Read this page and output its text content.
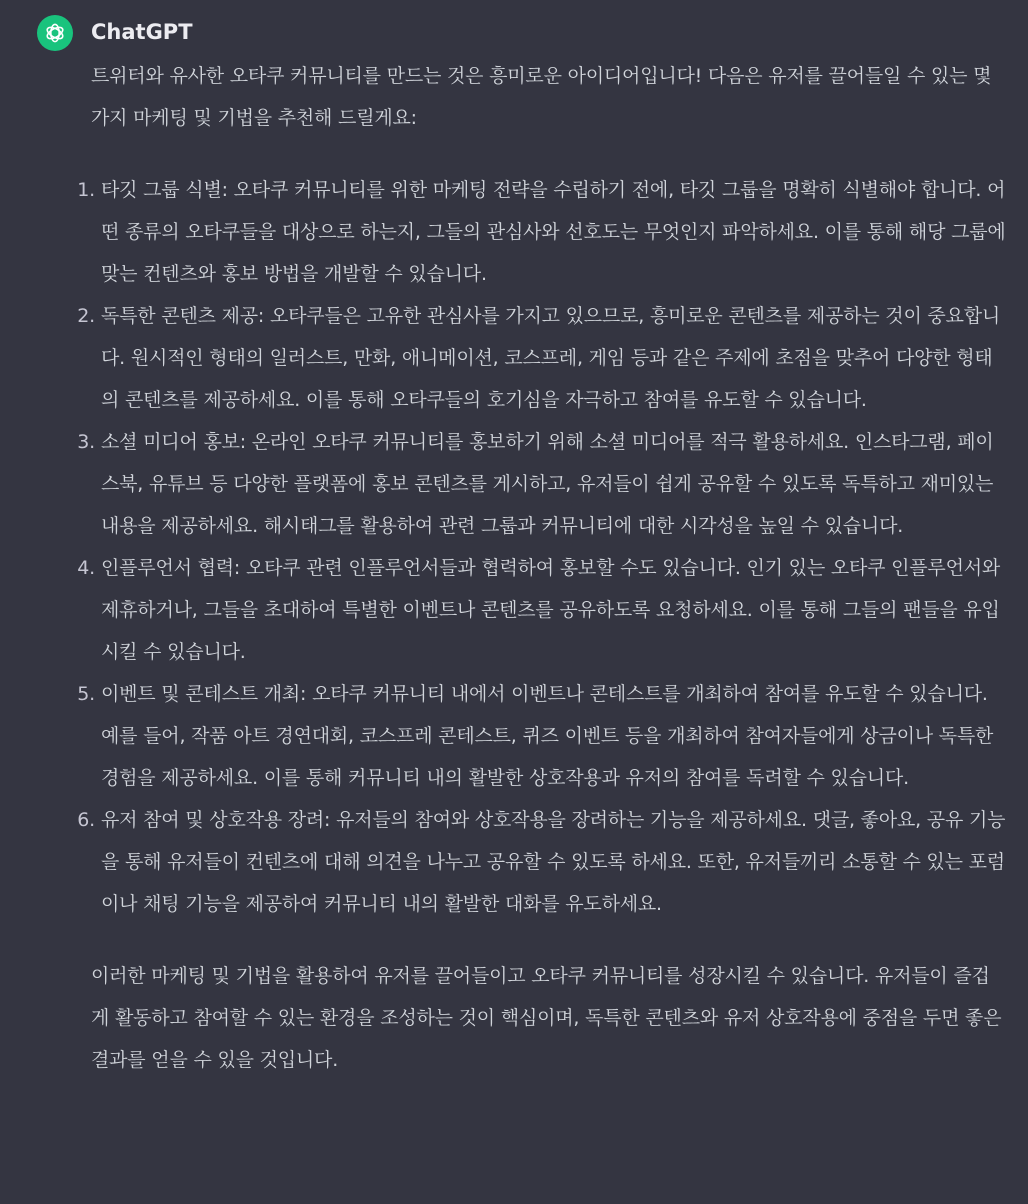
ChatGPT

트위터와 유사한 오타쿠 커뮤니티를 만드는 것은 흥미로운 아이디어입니다! 다음은 유저를 끌어들일 수 있는 몇 가지 마케팅 및 기법을 추천해 드릴게요:

1. 타깃 그룹 식별: 오타쿠 커뮤니티를 위한 마케팅 전략을 수립하기 전에, 타깃 그룹을 명확히 식별해야 합니다. 어떤 종류의 오타쿠들을 대상으로 하는지, 그들의 관심사와 선호도는 무엇인지 파악하세요. 이를 통해 해당 그룹에 맞는 컨텐츠와 홍보 방법을 개발할 수 있습니다.
2. 독특한 콘텐츠 제공: 오타쿠들은 고유한 관심사를 가지고 있으므로, 흥미로운 콘텐츠를 제공하는 것이 중요합니다. 원시적인 형태의 일러스트, 만화, 애니메이션, 코스프레, 게임 등과 같은 주제에 초점을 맞추어 다양한 형태의 콘텐츠를 제공하세요. 이를 통해 오타쿠들의 호기심을 자극하고 참여를 유도할 수 있습니다.
3. 소셜 미디어 홍보: 온라인 오타쿠 커뮤니티를 홍보하기 위해 소셜 미디어를 적극 활용하세요. 인스타그램, 페이스북, 유튜브 등 다양한 플랫폼에 홍보 콘텐츠를 게시하고, 유저들이 쉽게 공유할 수 있도록 독특하고 재미있는 내용을 제공하세요. 해시태그를 활용하여 관련 그룹과 커뮤니티에 대한 시각성을 높일 수 있습니다.
4. 인플루언서 협력: 오타쿠 관련 인플루언서들과 협력하여 홍보할 수도 있습니다. 인기 있는 오타쿠 인플루언서와 제휴하거나, 그들을 초대하여 특별한 이벤트나 콘텐츠를 공유하도록 요청하세요. 이를 통해 그들의 팬들을 유입시킬 수 있습니다.
5. 이벤트 및 콘테스트 개최: 오타쿠 커뮤니티 내에서 이벤트나 콘테스트를 개최하여 참여를 유도할 수 있습니다. 예를 들어, 작품 아트 경연대회, 코스프레 콘테스트, 퀴즈 이벤트 등을 개최하여 참여자들에게 상금이나 독특한 경험을 제공하세요. 이를 통해 커뮤니티 내의 활발한 상호작용과 유저의 참여를 독려할 수 있습니다.
6. 유저 참여 및 상호작용 장려: 유저들의 참여와 상호작용을 장려하는 기능을 제공하세요. 댓글, 좋아요, 공유 기능을 통해 유저들이 컨텐츠에 대해 의견을 나누고 공유할 수 있도록 하세요. 또한, 유저들끼리 소통할 수 있는 포럼이나 채팅 기능을 제공하여 커뮤니티 내의 활발한 대화를 유도하세요.

이러한 마케팅 및 기법을 활용하여 유저를 끌어들이고 오타쿠 커뮤니티를 성장시킬 수 있습니다. 유저들이 즐겁게 활동하고 참여할 수 있는 환경을 조성하는 것이 핵심이며, 독특한 콘텐츠와 유저 상호작용에 중점을 두면 좋은 결과를 얻을 수 있을 것입니다.
